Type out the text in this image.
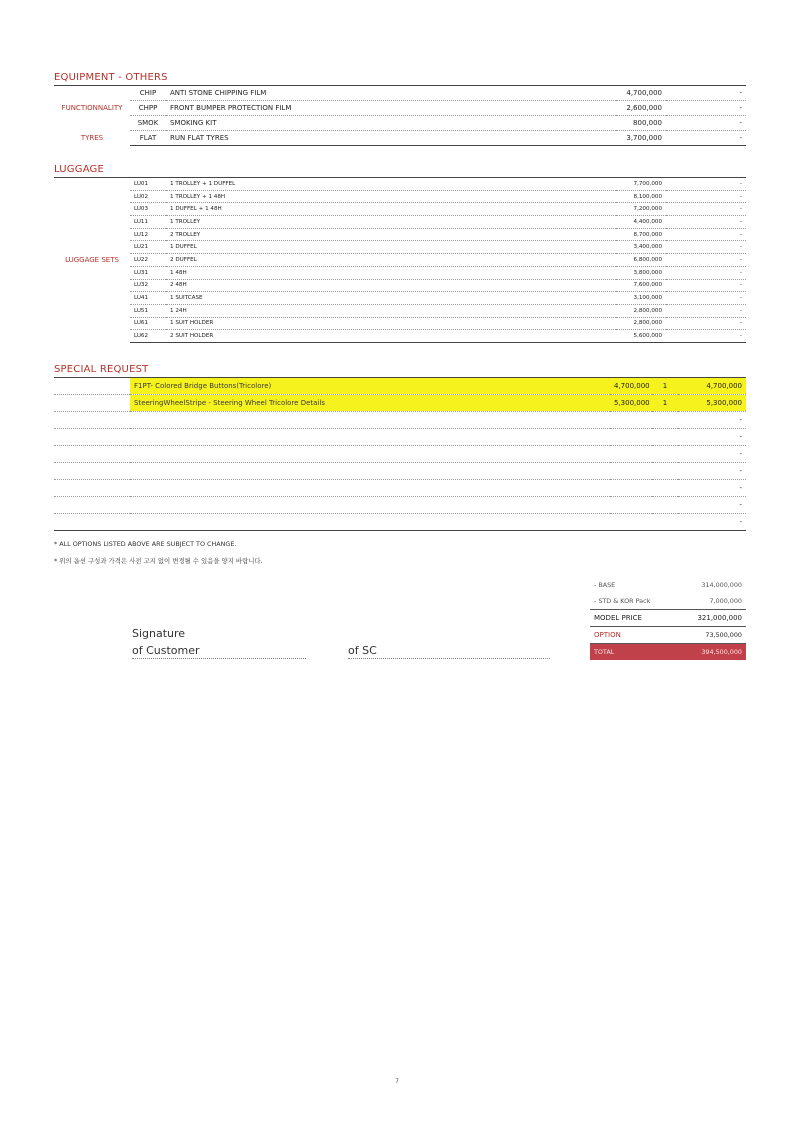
EQUIPMENT - OTHERS
	CHIP	ANTI STONE CHIPPING FILM	4,700,000	-
FUNCTIONNALITY	CHPP	FRONT BUMPER PROTECTION FILM	2,600,000	-
	SMOK	SMOKING KIT	800,000	-
TYRES	FLAT	RUN FLAT TYRES	3,700,000	-
LUGGAGE
	LU01	1 TROLLEY + 1 DUFFEL	7,700,000	-
	LU02	1 TROLLEY + 1 48H	8,100,000	-
	LU03	1 DUFFEL + 1 48H	7,200,000	-
	LU11	1 TROLLEY	4,400,000	-
	LU12	2 TROLLEY	8,700,000	-
	LU21	1 DUFFEL	3,400,000	-
LUGGAGE SETS	LU22	2 DUFFEL	6,800,000	-
	LU31	1 48H	3,800,000	-
	LU32	2 48H	7,600,000	-
	LU41	1 SUITCASE	3,100,000	-
	LU51	1 24H	2,800,000	-
	LU61	1 SUIT HOLDER	2,800,000	-
	LU62	2 SUIT HOLDER	5,600,000	-
SPECIAL REQUEST
	F1PT- Colored Bridge Buttons(Tricolore)	4,700,000	1	4,700,000
	SteeringWheelStripe - Steering Wheel Tricolore Details	5,300,000	1	5,300,000
				-
				-
				-
				-
				-
				-
				-
* ALL OPTIONS LISTED ABOVE ARE SUBJECT TO CHANGE.
* 위의 옵션 구성과 가격은 사전 고지 없이 변경될 수 있음을 양지 바랍니다.
- BASE	314,000,000
- STD & KOR Pack	7,000,000
MODEL PRICE	321,000,000
OPTION	73,500,000
TOTAL	394,500,000
Signature
of Customer	of SC
7
